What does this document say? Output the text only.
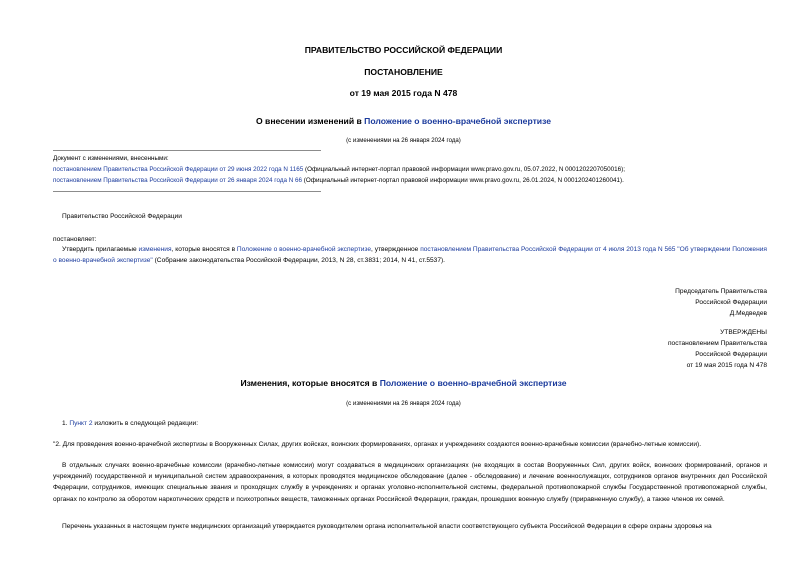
ПРАВИТЕЛЬСТВО РОССИЙСКОЙ ФЕДЕРАЦИИ
ПОСТАНОВЛЕНИЕ
от 19 мая 2015 года N 478
О внесении изменений в Положение о военно-врачебной экспертизе
(с изменениями на 26 января 2024 года)
Документ с изменениями, внесенными:
постановлением Правительства Российской Федерации от 29 июня 2022 года N 1165 (Официальный интернет-портал правовой информации www.pravo.gov.ru, 05.07.2022, N 0001202207050016);
постановлением Правительства Российской Федерации от 26 января 2024 года N 66 (Официальный интернет-портал правовой информации www.pravo.gov.ru, 26.01.2024, N 0001202401260041).
Правительство Российской Федерации
постановляет:
Утвердить прилагаемые изменения, которые вносятся в Положение о военно-врачебной экспертизе, утвержденное постановлением Правительства Российской Федерации от 4 июля 2013 года N 565 "Об утверждении Положения о военно-врачебной экспертизе" (Собрание законодательства Российской Федерации, 2013, N 28, ст.3831; 2014, N 41, ст.5537).
Председатель Правительства
Российской Федерации
Д.Медведев
УТВЕРЖДЕНЫ
постановлением Правительства
Российской Федерации
от 19 мая 2015 года N 478
Изменения, которые вносятся в Положение о военно-врачебной экспертизе
(с изменениями на 26 января 2024 года)
1. Пункт 2 изложить в следующей редакции:
"2. Для проведения военно-врачебной экспертизы в Вооруженных Силах, других войсках, воинских формированиях, органах и учреждениях создаются военно-врачебные комиссии (врачебно-летные комиссии).
В отдельных случаях военно-врачебные комиссии (врачебно-летные комиссии) могут создаваться в медицинских организациях (не входящих в состав Вооруженных Сил, других войск, воинских формирований, органов и учреждений) государственной и муниципальной систем здравоохранения, в которых проводятся медицинское обследование (далее - обследование) и лечение военнослужащих, сотрудников органов внутренних дел Российской Федерации, сотрудников, имеющих специальные звания и проходящих службу в учреждениях и органах уголовно-исполнительной системы, федеральной противопожарной службы Государственной противопожарной службы, органах по контролю за оборотом наркотических средств и психотропных веществ, таможенных органах Российской Федерации, граждан, прошедших военную службу (приравненную службу), а также членов их семей.
Перечень указанных в настоящем пункте медицинских организаций утверждается руководителем органа исполнительной власти соответствующего субъекта Российской Федерации в сфере охраны здоровья на
